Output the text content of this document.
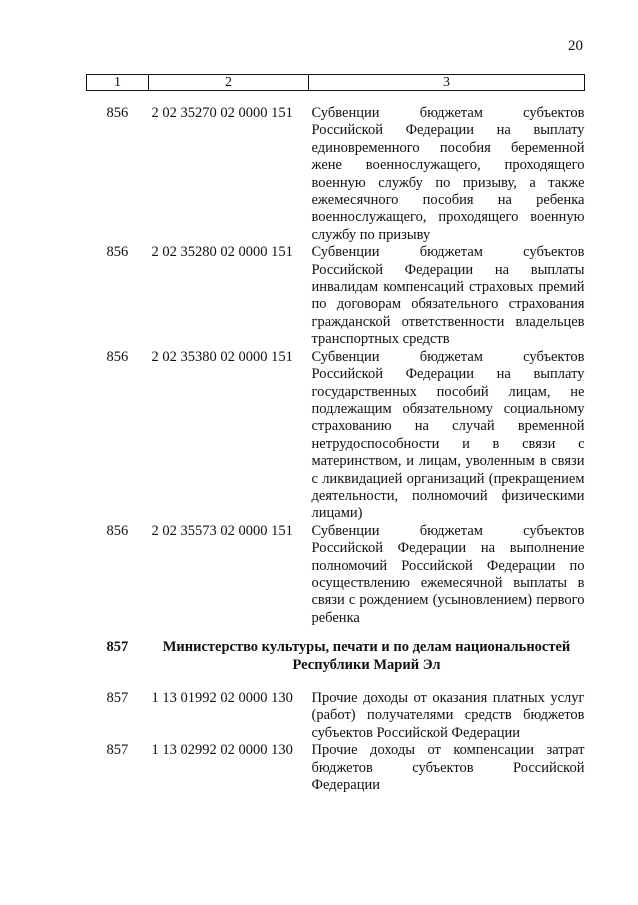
20
1	2	3

856	2 02 35270 02 0000 151	Субвенции бюджетам субъектов Российской Федерации на выплату единовременного пособия беременной жене военнослужащего, проходящего военную службу по призыву, а также ежемесячного пособия на ребенка военнослужащего, проходящего военную службу по призыву
856	2 02 35280 02 0000 151	Субвенции бюджетам субъектов Российской Федерации на выплаты инвалидам компенсаций страховых премий по договорам обязательного страхования гражданской ответственности владельцев транспортных средств
856	2 02 35380 02 0000 151	Субвенции бюджетам субъектов Российской Федерации на выплату государственных пособий лицам, не подлежащим обязательному социальному страхованию на случай временной нетрудоспособности и в связи с материнством, и лицам, уволенным в связи с ликвидацией организаций (прекращением деятельности, полномочий физическими лицами)
856	2 02 35573 02 0000 151	Субвенции бюджетам субъектов Российской Федерации на выполнение полномочий Российской Федерации по осуществлению ежемесячной выплаты в связи с рождением (усыновлением) первого ребенка
857	Министерство культуры, печати и по делам национальностей Республики Марий Эл	
857	1 13 01992 02 0000 130	Прочие доходы от оказания платных услуг (работ) получателями средств бюджетов субъектов Российской Федерации
857	1 13 02992 02 0000 130	Прочие доходы от компенсации затрат бюджетов субъектов Российской Федерации
